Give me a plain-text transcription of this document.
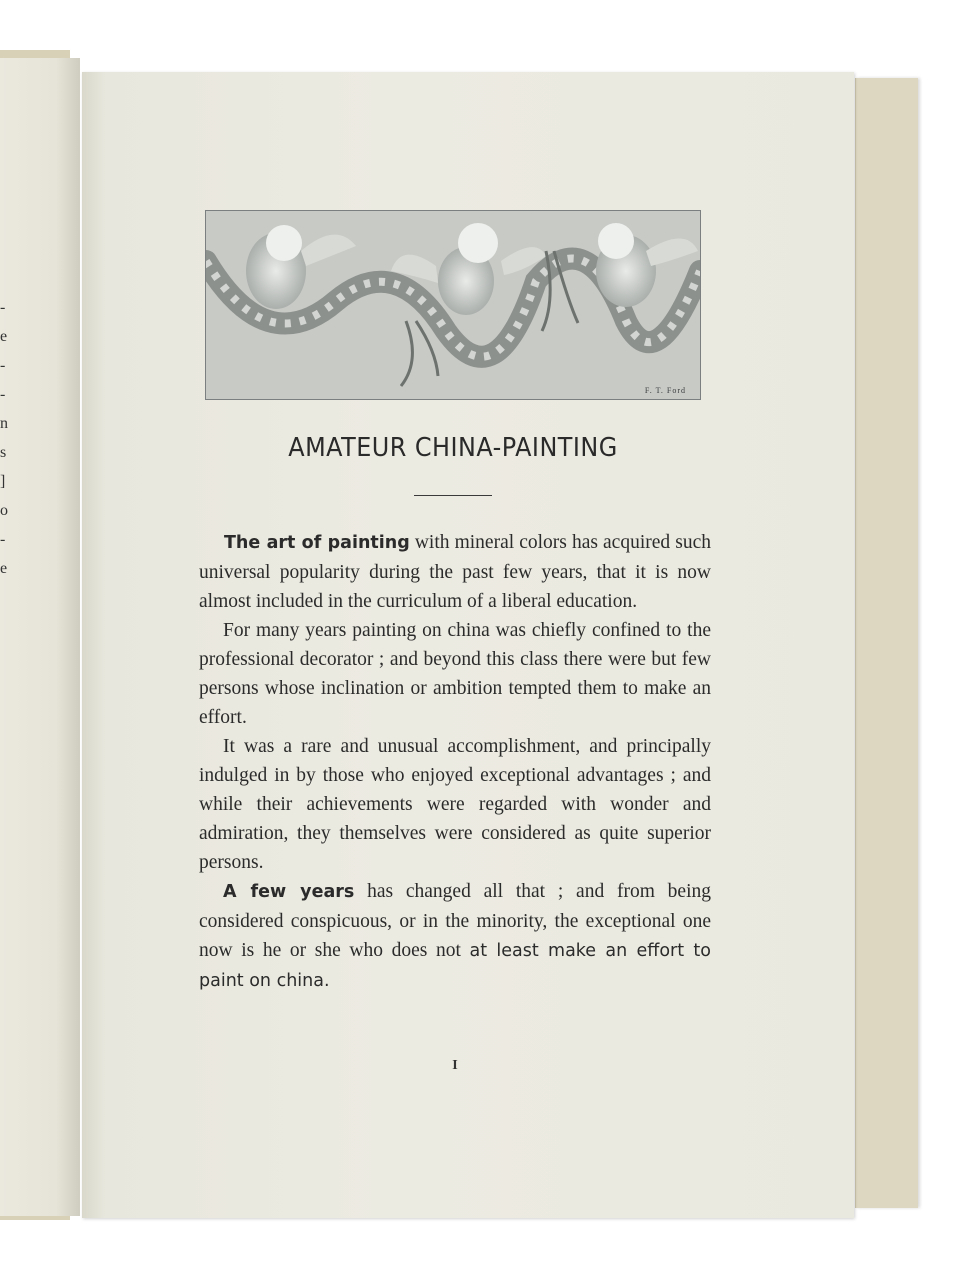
-
e
-
-
n
s
]
o
-
e
F. T. Ford
AMATEUR CHINA-PAINTING

The art of painting with mineral colors has acquired such universal popularity during the past few years, that it is now almost included in the curriculum of a liberal education.

For many years painting on china was chiefly confined to the professional decorator ; and beyond this class there were but few persons whose inclination or ambition tempted them to make an effort.

It was a rare and unusual accomplishment, and principally indulged in by those who enjoyed exceptional advantages ; and while their achievements were regarded with wonder and admiration, they themselves were considered as quite superior persons.

A few years has changed all that ; and from being considered conspicuous, or in the minority, the exceptional one now is he or she who does not at least make an effort to paint on china.

I
